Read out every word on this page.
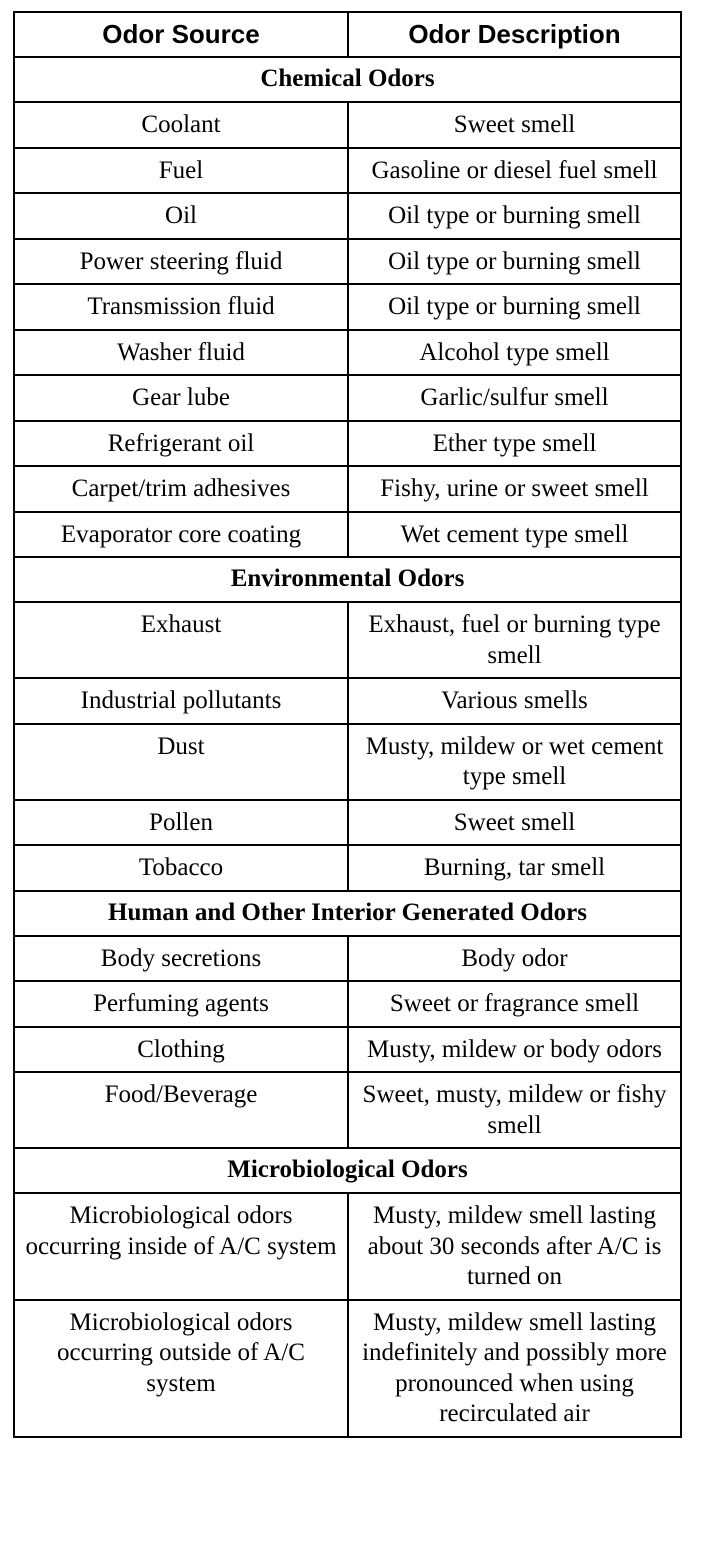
Odor Source	Odor Description
Chemical Odors	
Coolant	Sweet smell
Fuel	Gasoline or diesel fuel smell
Oil	Oil type or burning smell
Power steering fluid	Oil type or burning smell
Transmission fluid	Oil type or burning smell
Washer fluid	Alcohol type smell
Gear lube	Garlic/sulfur smell
Refrigerant oil	Ether type smell
Carpet/trim adhesives	Fishy, urine or sweet smell
Evaporator core coating	Wet cement type smell
Environmental Odors	
Exhaust	Exhaust, fuel or burning type smell
Industrial pollutants	Various smells
Dust	Musty, mildew or wet cement type smell
Pollen	Sweet smell
Tobacco	Burning, tar smell
Human and Other Interior Generated Odors	
Body secretions	Body odor
Perfuming agents	Sweet or fragrance smell
Clothing	Musty, mildew or body odors
Food/Beverage	Sweet, musty, mildew or fishy smell
Microbiological Odors	
Microbiological odors occurring inside of A/C system	Musty, mildew smell lasting about 30 seconds after A/C is turned on
Microbiological odors occurring outside of A/C system	Musty, mildew smell lasting indefinitely and possibly more pronounced when using recirculated air
